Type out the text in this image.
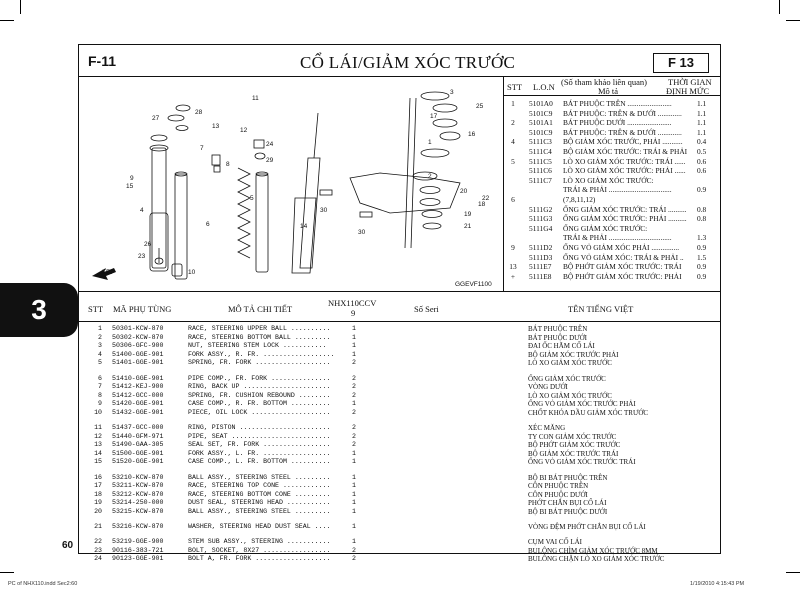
3
F-11	CỔ LÁI/GIẢM XÓC TRƯỚC	F 13
FR.
GGEVF1100
1
2
3
4
5
6
7
8
9
10
11
12
13
14
15
16
17
18
19
20
21
22
23
24
25
26
27
28
29
30
30
STT L.O.N (Số tham khảo liên quan)
Mô tả
THỜI GIAN
ĐỊNH MỨC
1	5101A0 BÁT PHUỘC TRÊN ........................	1.1
5101C9 BÁT PHUỘC: TRÊN & DƯỚI .............	1.1
2	5101A1 BÁT PHUỘC DƯỚI ........................	1.1
5101C9 BÁT PHUỘC: TRÊN & DƯỚI .............	1.1
4	5111C3 BỘ GIẢM XÓC TRƯỚC, PHẢI ...........	0.4
5111C4 BỘ GIẢM XÓC TRƯỚC: TRÁI & PHẢI	0.5
5	5111C5 LÒ XO GIẢM XÓC TRƯỚC: TRÁI ......	0.6
5111C6 LÒ XO GIẢM XÓC TRƯỚC: PHẢI ......	0.6
5111C7 LÒ XO GIẢM XÓC TRƯỚC:
TRÁI & PHẢI ..................................	0.9
6	(7,8,11,12)
5111G2 ỐNG GIẢM XÓC TRƯỚC: TRÁI ..........	0.8
5111G3 ỐNG GIẢM XÓC TRƯỚC: PHẢI ..........	0.8
5111G4 ỐNG GIẢM XÓC TRƯỚC:
TRÁI & PHẢI ..................................	1.3
9	5111D2 ỐNG VỎ GIẢM XÓC PHẢI ...............	0.9
5111D3 ỐNG VỎ GIẢM XÓC: TRÁI & PHẢI ..	1.5
13	5111E7 BỘ PHỚT GIẢM XÓC TRƯỚC: TRÁI	0.9
+	5111E8 BỘ PHỚT GIẢM XÓC TRƯỚC: PHẢI	0.9
STT MÃ PHỤ TÙNG	MÔ TẢ CHI TIẾT
NHX110CCV
9	Số Seri	TÊN TIẾNG VIỆT
1 50301-KCW-870	RACE, STEERING UPPER BALL ..........	1	BÁT PHUỘC TRÊN
2 50302-KCW-870	RACE, STEERING BOTTOM BALL .........	1	BÁT PHUỘC DƯỚI
3 50306-GFC-900	NUT, STEERING STEM LOCK ...........	1	ĐAI ỐC HÃM CỔ LÁI
4 51400-GGE-901	FORK ASSY., R. FR. ..................	1	BỘ GIẢM XÓC TRƯỚC PHẢI
5 51401-GGE-901	SPRING, FR. FORK ...................	2	LÒ XO GIẢM XÓC TRƯỚC
6 51410-GGE-901	PIPE COMP., FR. FORK ...............	2	ỐNG GIẢM XÓC TRƯỚC
7 51412-KEJ-900	RING, BACK UP ......................	2	VÒNG DƯỚI
8 51412-GCC-000	SPRING, FR. CUSHION REBOUND ........	2	LÒ XO GIẢM XÓC TRƯỚC
9 51420-GGE-901	CASE COMP., R. FR. BOTTOM ..........	1	ỐNG VỎ GIẢM XÓC TRƯỚC PHẢI
10 51432-GGE-901	PIECE, OIL LOCK ....................	2	CHỐT KHÓA DẦU GIẢM XÓC TRƯỚC
11 51437-GCC-000	RING, PISTON .......................	2	XÉC MĂNG
12 51440-GFM-971	PIPE, SEAT .........................	2	TY CON GIẢM XÓC TRƯỚC
13 51490-GAA-305	SEAL SET, FR. FORK .................	2	BỘ PHỚT GIẢM XÓC TRƯỚC
14 51500-GGE-901	FORK ASSY., L. FR. .................	1	BỘ GIẢM XÓC TRƯỚC TRÁI
15 51520-GGE-901	CASE COMP., L. FR. BOTTOM ..........	1	ỐNG VỎ GIẢM XÓC TRƯỚC TRÁI
16 53210-KCW-870	BALL ASSY., STEERING STEEL .........	1	BỘ BI BÁT PHUỘC TRÊN
17 53211-KCW-870	RACE, STEERING TOP CONE ............	1	CÔN PHUỘC TRÊN
18 53212-KCW-870	RACE, STEERING BOTTOM CONE .........	1	CÔN PHUỘC DƯỚI
19 53214-250-000	DUST SEAL, STEERING HEAD ...........	1	PHỚT CHẮN BỤI CỔ LÁI
20 53215-KCW-870	BALL ASSY., STEERING STEEL .........	1	BỘ BI BÁT PHUỘC DƯỚI
21 53216-KCW-870	WASHER, STEERING HEAD DUST SEAL ....	1	VÒNG ĐỆM PHỚT CHẮN BỤI CỔ LÁI
22 53219-GGE-900	STEM SUB ASSY., STEERING ...........	1	CỤM VAI CỔ LÁI
23 90116-383-721	BOLT, SOCKET, 8X27 .................	2	BULÔNG CHÌM GIẢM XÓC TRƯỚC 8MM
24 90123-GGE-901	BOLT A, FR. FORK ...................	2	BULÔNG CHẶN LÒ XO GIẢM XÓC TRƯỚC
60
PC of NHX110.indd Sec2:60	1/19/2010 4:15:43 PM
